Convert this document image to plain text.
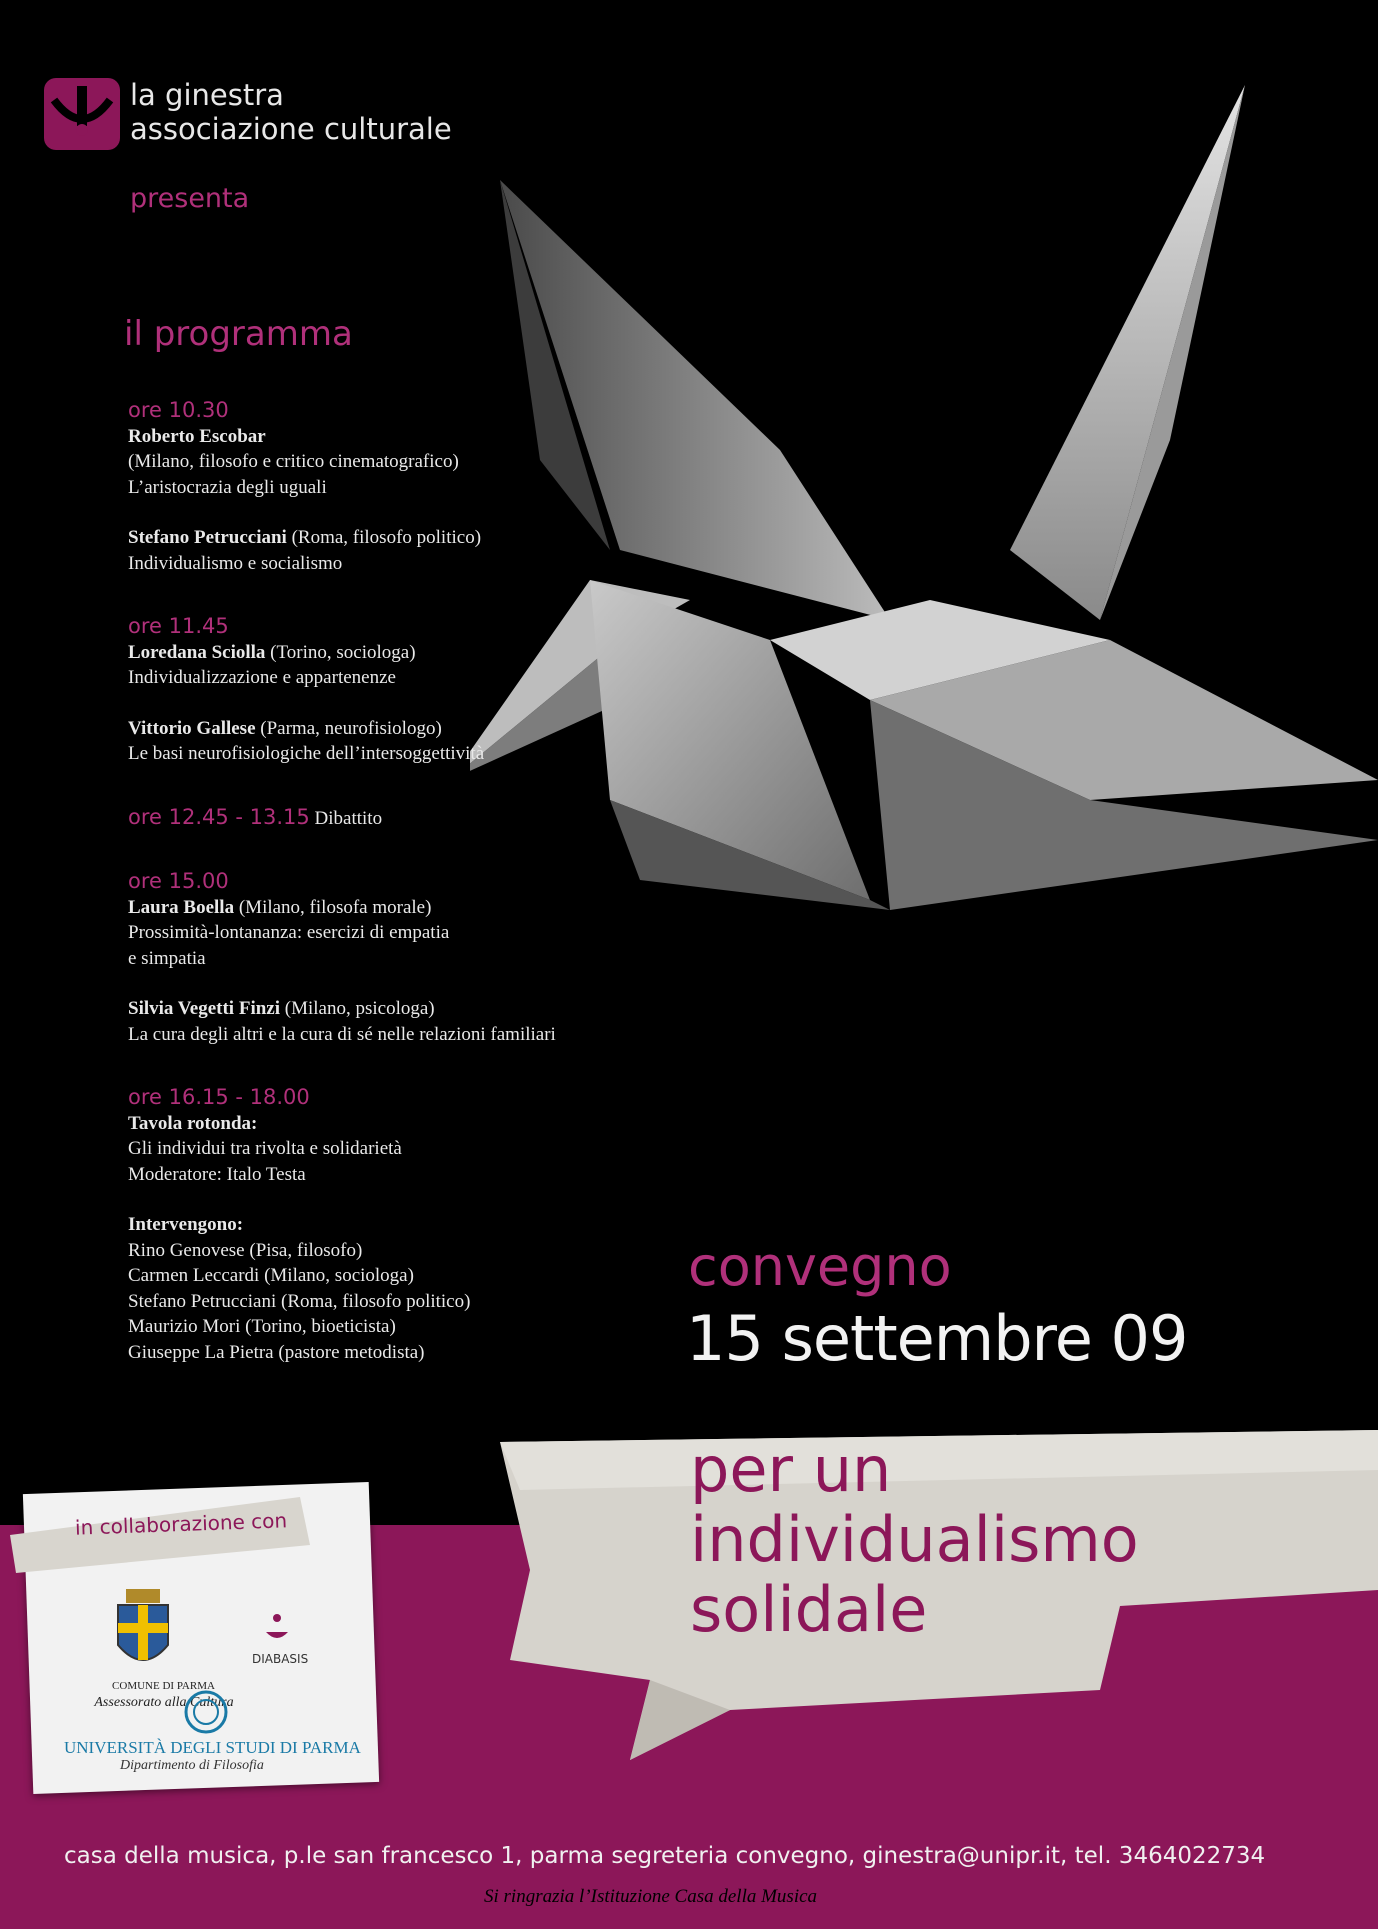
la ginestra
associazione culturale
presenta
il programma
ore 10.30
Roberto Escobar
(Milano, filosofo e critico cinematografico)
L’aristocrazia degli uguali
Stefano Petrucciani (Roma, filosofo politico)
Individualismo e socialismo
ore 11.45
Loredana Sciolla (Torino, sociologa)
Individualizzazione e appartenenze
Vittorio Gallese (Parma, neurofisiologo)
Le basi neurofisiologiche dell’intersoggettività
ore 12.45 - 13.15 Dibattito
ore 15.00
Laura Boella (Milano, filosofa morale)
Prossimità-lontananza: esercizi di empatia
e simpatia
Silvia Vegetti Finzi (Milano, psicologa)
La cura degli altri e la cura di sé nelle relazioni familiari
ore 16.15 - 18.00
Tavola rotonda:
Gli individui tra rivolta e solidarietà
Moderatore: Italo Testa
Intervengono:
Rino Genovese (Pisa, filosofo)
Carmen Leccardi (Milano, sociologa)
Stefano Petrucciani (Roma, filosofo politico)
Maurizio Mori (Torino, bioeticista)
Giuseppe La Pietra (pastore metodista)
convegno
15 settembre 09
per un
individualismo
solidale
in collaborazione con
COMUNE DI PARMA
Assessorato alla Cultura
DIABASIS
UNIVERSITÀ DEGLI STUDI DI PARMA
Dipartimento di Filosofia
casa della musica, p.le san francesco 1, parma segreteria convegno, ginestra@unipr.it, tel. 3464022734
Si ringrazia l’Istituzione Casa della Musica
